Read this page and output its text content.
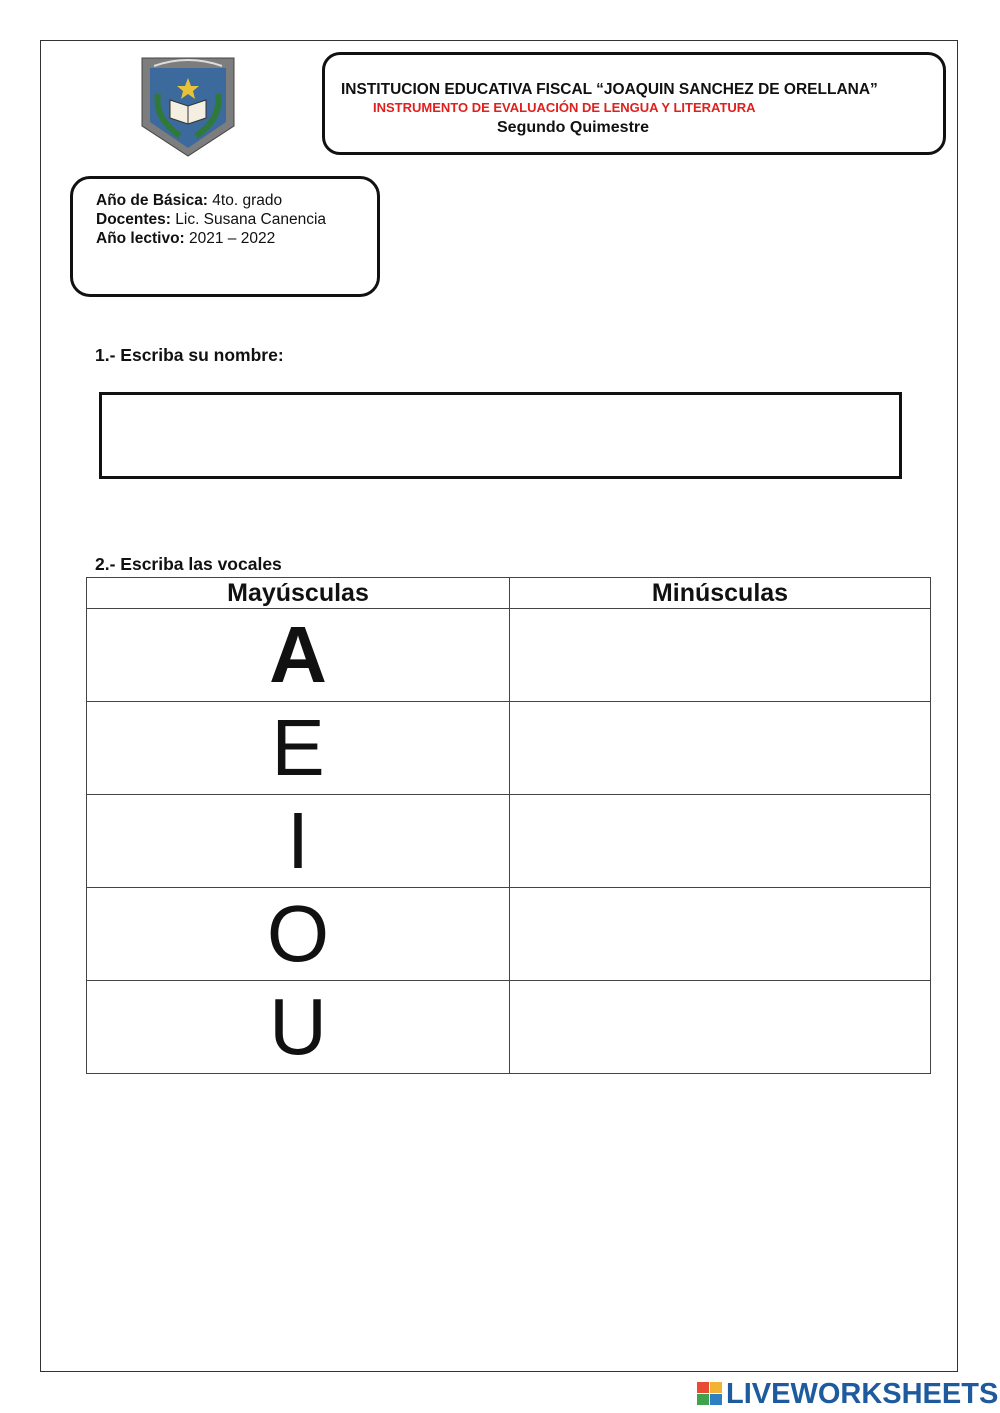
INSTITUCION EDUCATIVA FISCAL “JOAQUIN SANCHEZ DE ORELLANA”
INSTRUMENTO DE EVALUACIÓN DE LENGUA Y LITERATURA
Segundo Quimestre
Año de Básica: 4to. grado
Docentes: Lic. Susana Canencia
Año lectivo: 2021 – 2022
1.- Escriba su nombre:
2.- Escriba las vocales
Mayúsculas	Minúsculas

A	

E	

I	

O	

U	

LIVEWORKSHEETS
